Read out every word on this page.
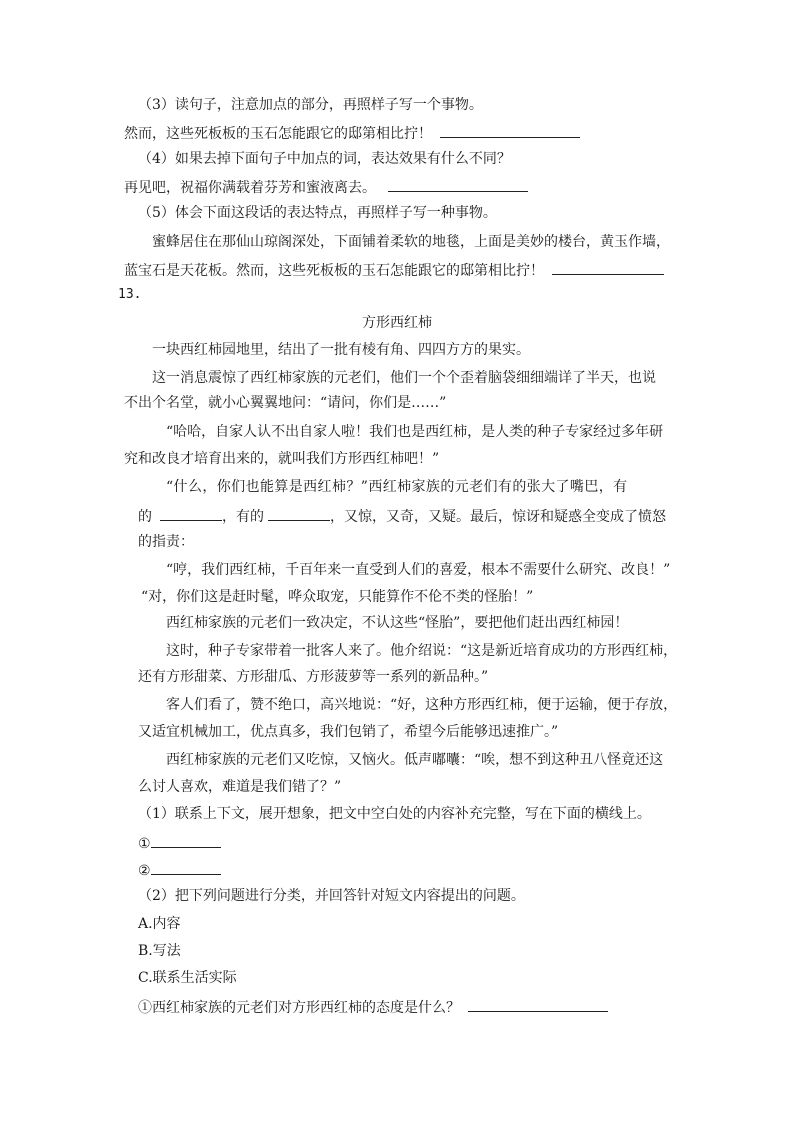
（3）读句子，注意加点的部分，再照样子写一个事物。
然而，这些死板板的玉石怎能跟它的邸第相比拧！
（4）如果去掉下面句子中加点的词，表达效果有什么不同？
再见吧，祝福你满载着芬芳和蜜液离去。
（5）体会下面这段话的表达特点，再照样子写一种事物。
蜜蜂居住在那仙山琼阁深处，下面铺着柔软的地毯，上面是美妙的楼台，黄玉作墙，
蓝宝石是天花板。然而，这些死板板的玉石怎能跟它的邸第相比拧！
13.
方形西红柿
一块西红柿园地里，结出了一批有棱有角、四四方方的果实。
这一消息震惊了西红柿家族的元老们，他们一个个歪着脑袋细细端详了半天，也说
不出个名堂，就小心翼翼地问：“请问，你们是……”
“哈哈，自家人认不出自家人啦！我们也是西红柿，是人类的种子专家经过多年研
究和改良才培育出来的，就叫我们方形西红柿吧！”
“什么，你们也能算是西红柿？”西红柿家族的元老们有的张大了嘴巴，有
的	，有的	，又惊，又奇，又疑。最后，惊讶和疑惑全变成了愤怒
的指责：
“哼，我们西红柿，千百年来一直受到人们的喜爱，根本不需要什么研究、改良！”
“对，你们这是赶时髦，哗众取宠，只能算作不伦不类的怪胎！”
西红柿家族的元老们一致决定，不认这些“怪胎”，要把他们赶出西红柿园！
这时，种子专家带着一批客人来了。他介绍说：“这是新近培育成功的方形西红柿，
还有方形甜菜、方形甜瓜、方形菠萝等一系列的新品种。”
客人们看了，赞不绝口，高兴地说：“好，这种方形西红柿，便于运输，便于存放，
又适宜机械加工，优点真多，我们包销了，希望今后能够迅速推广。”
西红柿家族的元老们又吃惊，又恼火。低声嘟囔：“唉，想不到这种丑八怪竟还这
么讨人喜欢，难道是我们错了？”
（1）联系上下文，展开想象，把文中空白处的内容补充完整，写在下面的横线上。
①
②
（2）把下列问题进行分类，并回答针对短文内容提出的问题。
A.内容
B.写法
C.联系生活实际
①西红柿家族的元老们对方形西红柿的态度是什么？
